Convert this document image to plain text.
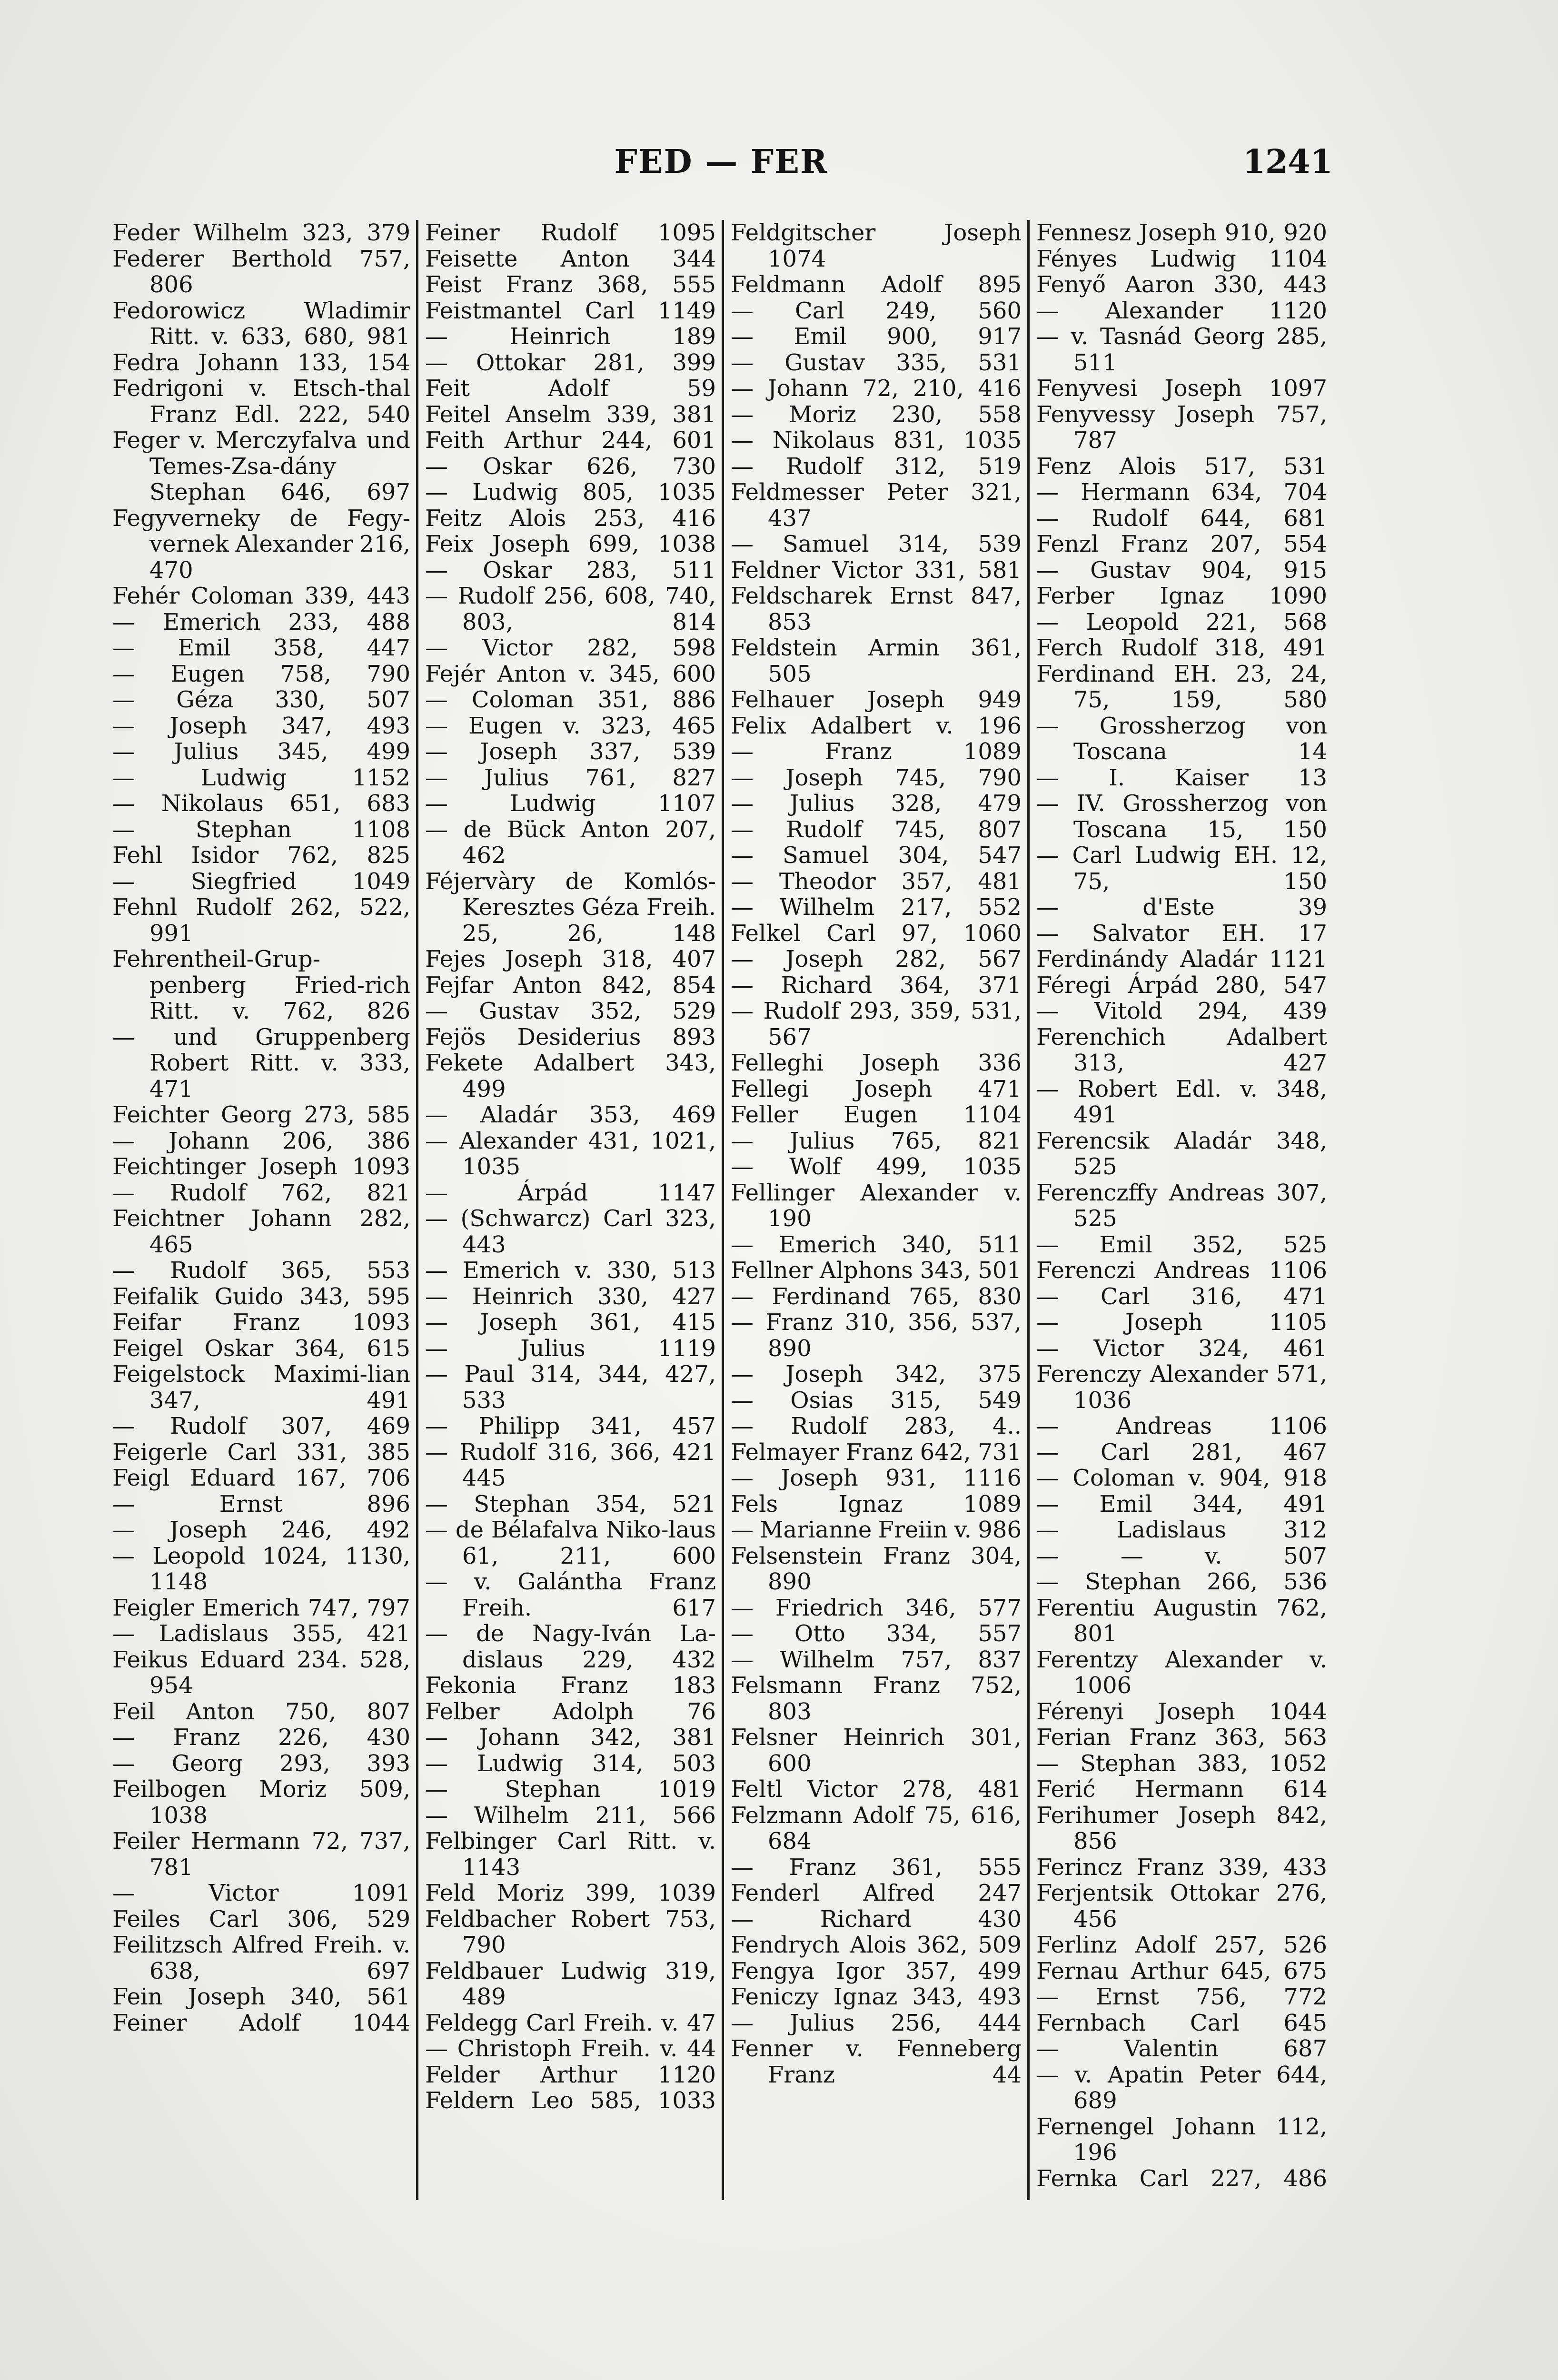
FED — FER	1241
Feder Wilhelm 323, 379
Federer Berthold 757, 806
Fedorowicz Wladimir Ritt. v. 633, 680, 981
Fedra Johann 133, 154
Fedrigoni v. Etsch-thal Franz Edl. 222, 540
Feger v. Merczyfalva und Temes-Zsa-dány Stephan 646, 697
Fegyverneky de Fegy-vernek Alexander 216, 470
Fehér Coloman 339, 443
— Emerich 233, 488
— Emil 358, 447
— Eugen 758, 790
— Géza 330, 507
— Joseph 347, 493
— Julius 345, 499
— Ludwig 1152
— Nikolaus 651, 683
— Stephan 1108
Fehl Isidor 762, 825
— Siegfried 1049
Fehnl Rudolf 262, 522, 991
Fehrentheil-Grup-penberg Fried-rich Ritt. v. 762, 826
— und Gruppenberg Robert Ritt. v. 333, 471
Feichter Georg 273, 585
— Johann 206, 386
Feichtinger Joseph 1093
— Rudolf 762, 821
Feichtner Johann 282, 465
— Rudolf 365, 553
Feifalik Guido 343, 595
Feifar Franz 1093
Feigel Oskar 364, 615
Feigelstock Maximi-lian 347, 491
— Rudolf 307, 469
Feigerle Carl 331, 385
Feigl Eduard 167, 706
— Ernst 896
— Joseph 246, 492
— Leopold 1024, 1130, 1148
Feigler Emerich 747, 797
— Ladislaus 355, 421
Feikus Eduard 234. 528, 954
Feil Anton 750, 807
— Franz 226, 430
— Georg 293, 393
Feilbogen Moriz 509, 1038
Feiler Hermann 72, 737, 781
— Victor 1091
Feiles Carl 306, 529
Feilitzsch Alfred Freih. v. 638, 697
Fein Joseph 340, 561
Feiner Adolf 1044
Feiner Rudolf 1095
Feisette Anton 344
Feist Franz 368, 555
Feistmantel Carl 1149
— Heinrich 189
— Ottokar 281, 399
Feit Adolf 59
Feitel Anselm 339, 381
Feith Arthur 244, 601
— Oskar 626, 730
— Ludwig 805, 1035
Feitz Alois 253, 416
Feix Joseph 699, 1038
— Oskar 283, 511
— Rudolf 256, 608, 740, 803, 814
— Victor 282, 598
Fejér Anton v. 345, 600
— Coloman 351, 886
— Eugen v. 323, 465
— Joseph 337, 539
— Julius 761, 827
— Ludwig 1107
— de Bück Anton 207, 462
Féjervàry de Komlós-Keresztes Géza Freih. 25, 26, 148
Fejes Joseph 318, 407
Fejfar Anton 842, 854
— Gustav 352, 529
Fejös Desiderius 893
Fekete Adalbert 343, 499
— Aladár 353, 469
— Alexander 431, 1021, 1035
— Árpád 1147
— (Schwarcz) Carl 323, 443
— Emerich v. 330, 513
— Heinrich 330, 427
— Joseph 361, 415
— Julius 1119
— Paul 314, 344, 427, 533
— Philipp 341, 457
— Rudolf 316, 366, 421 445
— Stephan 354, 521
— de Bélafalva Niko-laus 61, 211, 600
— v. Galántha Franz Freih. 617
— de Nagy-Iván La-dislaus 229, 432
Fekonia Franz 183
Felber Adolph 76
— Johann 342, 381
— Ludwig 314, 503
— Stephan 1019
— Wilhelm 211, 566
Felbinger Carl Ritt. v. 1143
Feld Moriz 399, 1039
Feldbacher Robert 753, 790
Feldbauer Ludwig 319, 489
Feldegg Carl Freih. v. 47
— Christoph Freih. v. 44
Felder Arthur 1120
Feldern Leo 585, 1033
Feldgitscher Joseph 1074
Feldmann Adolf 895
— Carl 249, 560
— Emil 900, 917
— Gustav 335, 531
— Johann 72, 210, 416
— Moriz 230, 558
— Nikolaus 831, 1035
— Rudolf 312, 519
Feldmesser Peter 321, 437
— Samuel 314, 539
Feldner Victor 331, 581
Feldscharek Ernst 847, 853
Feldstein Armin 361, 505
Felhauer Joseph 949
Felix Adalbert v. 196
— Franz 1089
— Joseph 745, 790
— Julius 328, 479
— Rudolf 745, 807
— Samuel 304, 547
— Theodor 357, 481
— Wilhelm 217, 552
Felkel Carl 97, 1060
— Joseph 282, 567
— Richard 364, 371
— Rudolf 293, 359, 531, 567
Felleghi Joseph 336
Fellegi Joseph 471
Feller Eugen 1104
— Julius 765, 821
— Wolf 499, 1035
Fellinger Alexander v. 190
— Emerich 340, 511
Fellner Alphons 343, 501
— Ferdinand 765, 830
— Franz 310, 356, 537, 890
— Joseph 342, 375
— Osias 315, 549
— Rudolf 283, 4..
Felmayer Franz 642, 731
— Joseph 931, 1116
Fels Ignaz 1089
— Marianne Freiin v. 986
Felsenstein Franz 304, 890
— Friedrich 346, 577
— Otto 334, 557
— Wilhelm 757, 837
Felsmann Franz 752, 803
Felsner Heinrich 301, 600
Feltl Victor 278, 481
Felzmann Adolf 75, 616, 684
— Franz 361, 555
Fenderl Alfred 247
— Richard 430
Fendrych Alois 362, 509
Fengya Igor 357, 499
Feniczy Ignaz 343, 493
— Julius 256, 444
Fenner v. Fenneberg Franz 44
Fennesz Joseph 910, 920
Fényes Ludwig 1104
Fenyő Aaron 330, 443
— Alexander 1120
— v. Tasnád Georg 285, 511
Fenyvesi Joseph 1097
Fenyvessy Joseph 757, 787
Fenz Alois 517, 531
— Hermann 634, 704
— Rudolf 644, 681
Fenzl Franz 207, 554
— Gustav 904, 915
Ferber Ignaz 1090
— Leopold 221, 568
Ferch Rudolf 318, 491
Ferdinand EH. 23, 24, 75, 159, 580
— Grossherzog von Toscana 14
— I. Kaiser 13
— IV. Grossherzog von Toscana 15, 150
— Carl Ludwig EH. 12, 75, 150
— d'Este 39
— Salvator EH. 17
Ferdinándy Aladár 1121
Féregi Árpád 280, 547
— Vitold 294, 439
Ferenchich Adalbert 313, 427
— Robert Edl. v. 348, 491
Ferencsik Aladár 348, 525
Ferenczffy Andreas 307, 525
— Emil 352, 525
Ferenczi Andreas 1106
— Carl 316, 471
— Joseph 1105
— Victor 324, 461
Ferenczy Alexander 571, 1036
— Andreas 1106
— Carl 281, 467
— Coloman v. 904, 918
— Emil 344, 491
— Ladislaus 312
— — v. 507
— Stephan 266, 536
Ferentiu Augustin 762, 801
Ferentzy Alexander v. 1006
Férenyi Joseph 1044
Ferian Franz 363, 563
— Stephan 383, 1052
Ferić Hermann 614
Ferihumer Joseph 842, 856
Ferincz Franz 339, 433
Ferjentsik Ottokar 276, 456
Ferlinz Adolf 257, 526
Fernau Arthur 645, 675
— Ernst 756, 772
Fernbach Carl 645
— Valentin 687
— v. Apatin Peter 644, 689
Fernengel Johann 112, 196
Fernka Carl 227, 486
